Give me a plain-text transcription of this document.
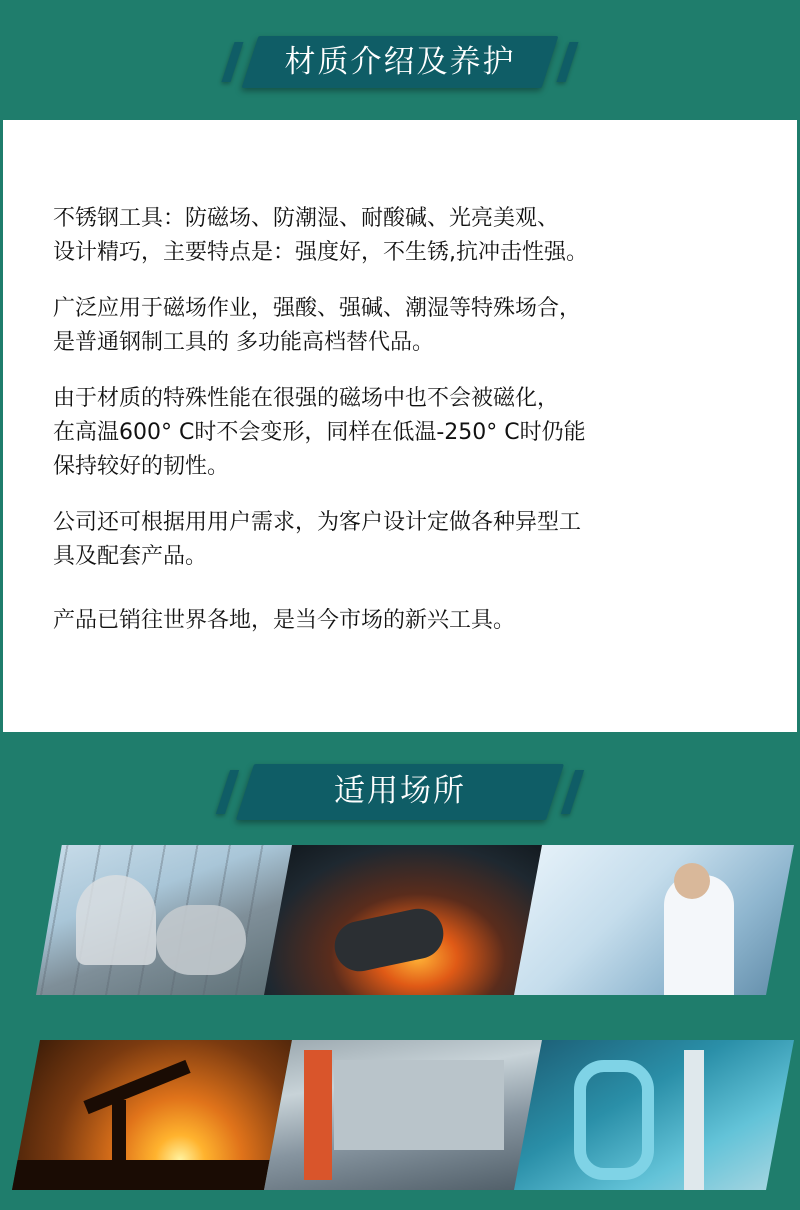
材质介绍及养护
不锈钢工具：防磁场、防潮湿、耐酸碱、光亮美观、
设计精巧，主要特点是：强度好，不生锈,抗冲击性强。
广泛应用于磁场作业，强酸、强碱、潮湿等特殊场合，
是普通钢制工具的 多功能高档替代品。
由于材质的特殊性能在很强的磁场中也不会被磁化，
在高温600° C时不会变形，同样在低温-250° C时仍能
保持较好的韧性。
公司还可根据用用户需求，为客户设计定做各种异型工
具及配套产品。
产品已销往世界各地，是当今市场的新兴工具。
适用场所
